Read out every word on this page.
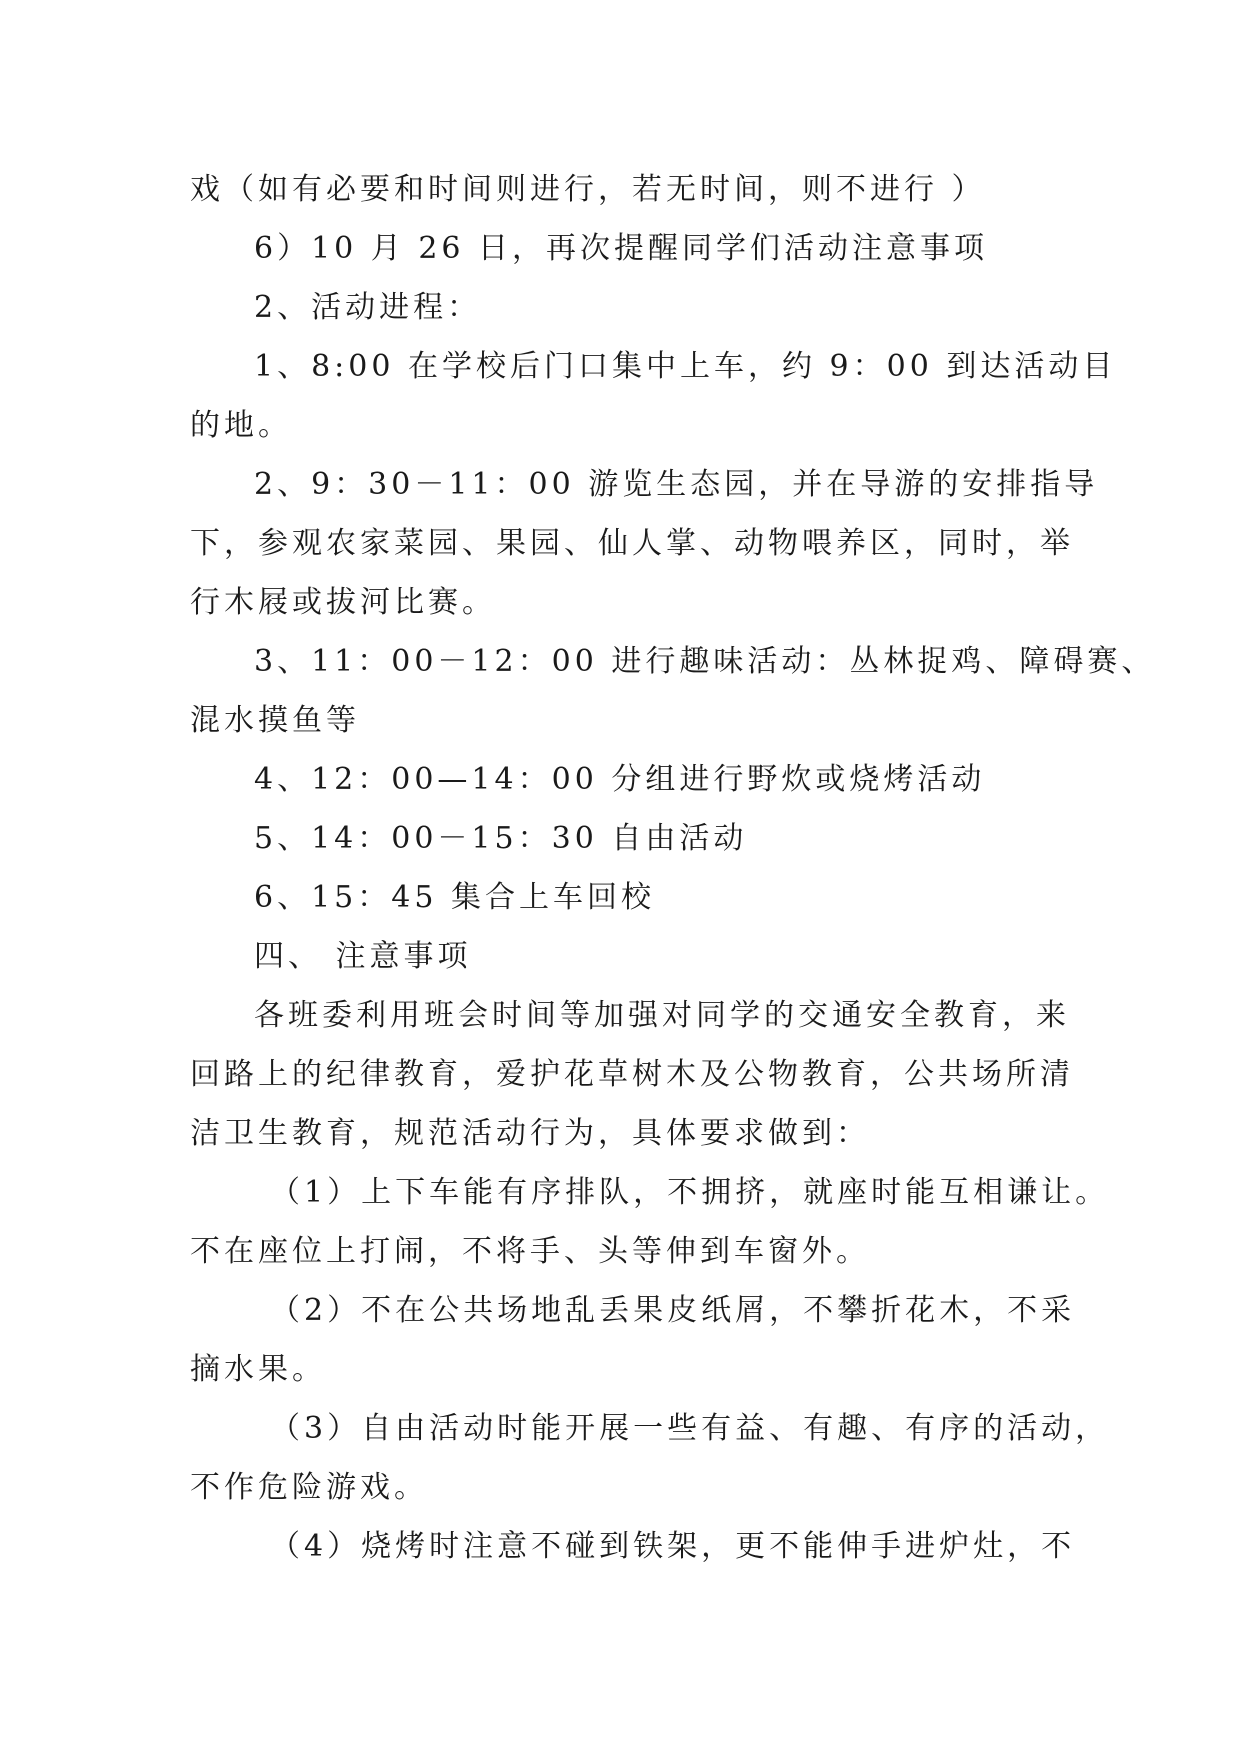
戏（如有必要和时间则进行，若无时间，则不进行 ）
6）10 月 26 日，再次提醒同学们活动注意事项
2、活动进程：
1、8:00 在学校后门口集中上车，约 9：00 到达活动目
的地。
2、9：30－11：00 游览生态园，并在导游的安排指导
下，参观农家菜园、果园、仙人掌、动物喂养区，同时，举
行木屐或拔河比赛。
3、11：00－12：00 进行趣味活动：丛林捉鸡、障碍赛、
混水摸鱼等
4、12：00—14：00 分组进行野炊或烧烤活动
5、14：00－15：30 自由活动
6、15：45 集合上车回校
四、 注意事项
各班委利用班会时间等加强对同学的交通安全教育，来
回路上的纪律教育，爱护花草树木及公物教育，公共场所清
洁卫生教育，规范活动行为，具体要求做到：
（1）上下车能有序排队，不拥挤，就座时能互相谦让。
不在座位上打闹，不将手、头等伸到车窗外。
（2）不在公共场地乱丢果皮纸屑，不攀折花木，不采
摘水果。
（3）自由活动时能开展一些有益、有趣、有序的活动，
不作危险游戏。
（4）烧烤时注意不碰到铁架，更不能伸手进炉灶，不
